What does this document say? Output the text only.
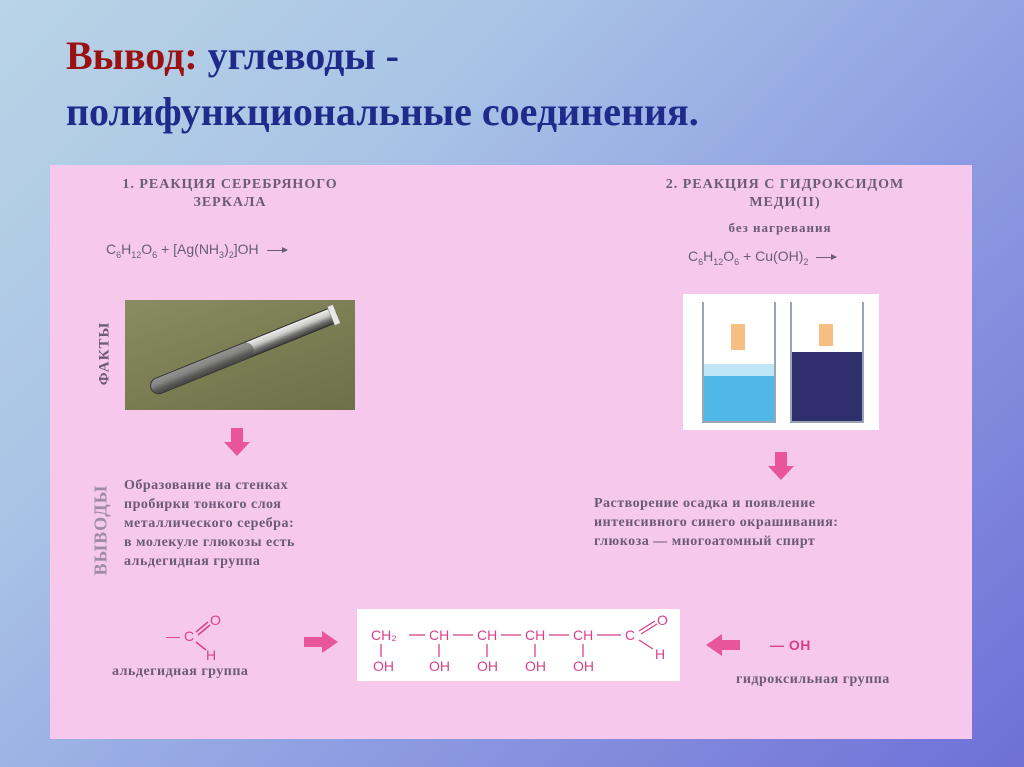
Вывод: углеводы -
полифункциональные соединения.
1. РЕАКЦИЯ СЕРЕБРЯНОГО
ЗЕРКАЛА
$C_6H_{12}O_6 + [Ag(NH_3)_2]OH$ →
ФАКТЫ
ВЫВОДЫ Образование на стенках
пробирки тонкого слоя
металлического серебра:
в молекуле глюкозы есть
альдегидная группа
2. РЕАКЦИЯ С ГИДРОКСИДОМ
МЕДИ(II)
без нагревания
$C_6H_{12}O_6 + Cu(OH)_2$ →
Растворение осадка и появление
интенсивного синего окрашивания:
глюкоза — многоатомный спирт
— C
O
H
альдегидная группа
CH₂ CH CH CH CH C
OH	OH OH OH OH
O
H
— OH
гидроксильная группа
